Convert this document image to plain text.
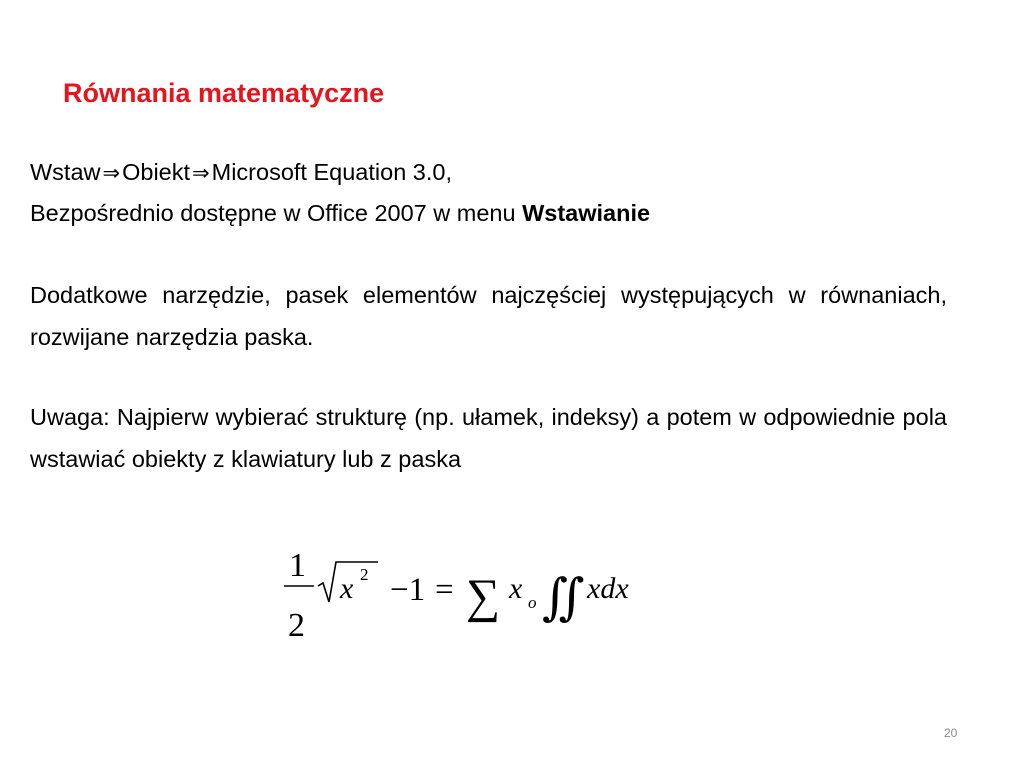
Równania matematyczne
Wstaw⇒Obiekt⇒Microsoft Equation 3.0,
Bezpośrednio dostępne w Office 2007 w menu Wstawianie
Dodatkowe narzędzie, pasek elementów najczęściej występujących w równaniach, rozwijane narzędzia paska.
Uwaga: Najpierw wybierać strukturę (np. ułamek, indeksy) a potem w odpowiednie pola wstawiać obiekty z klawiatury lub z paska
1
2
x 2 −1 = ∑ x o ∬ xdx
20
